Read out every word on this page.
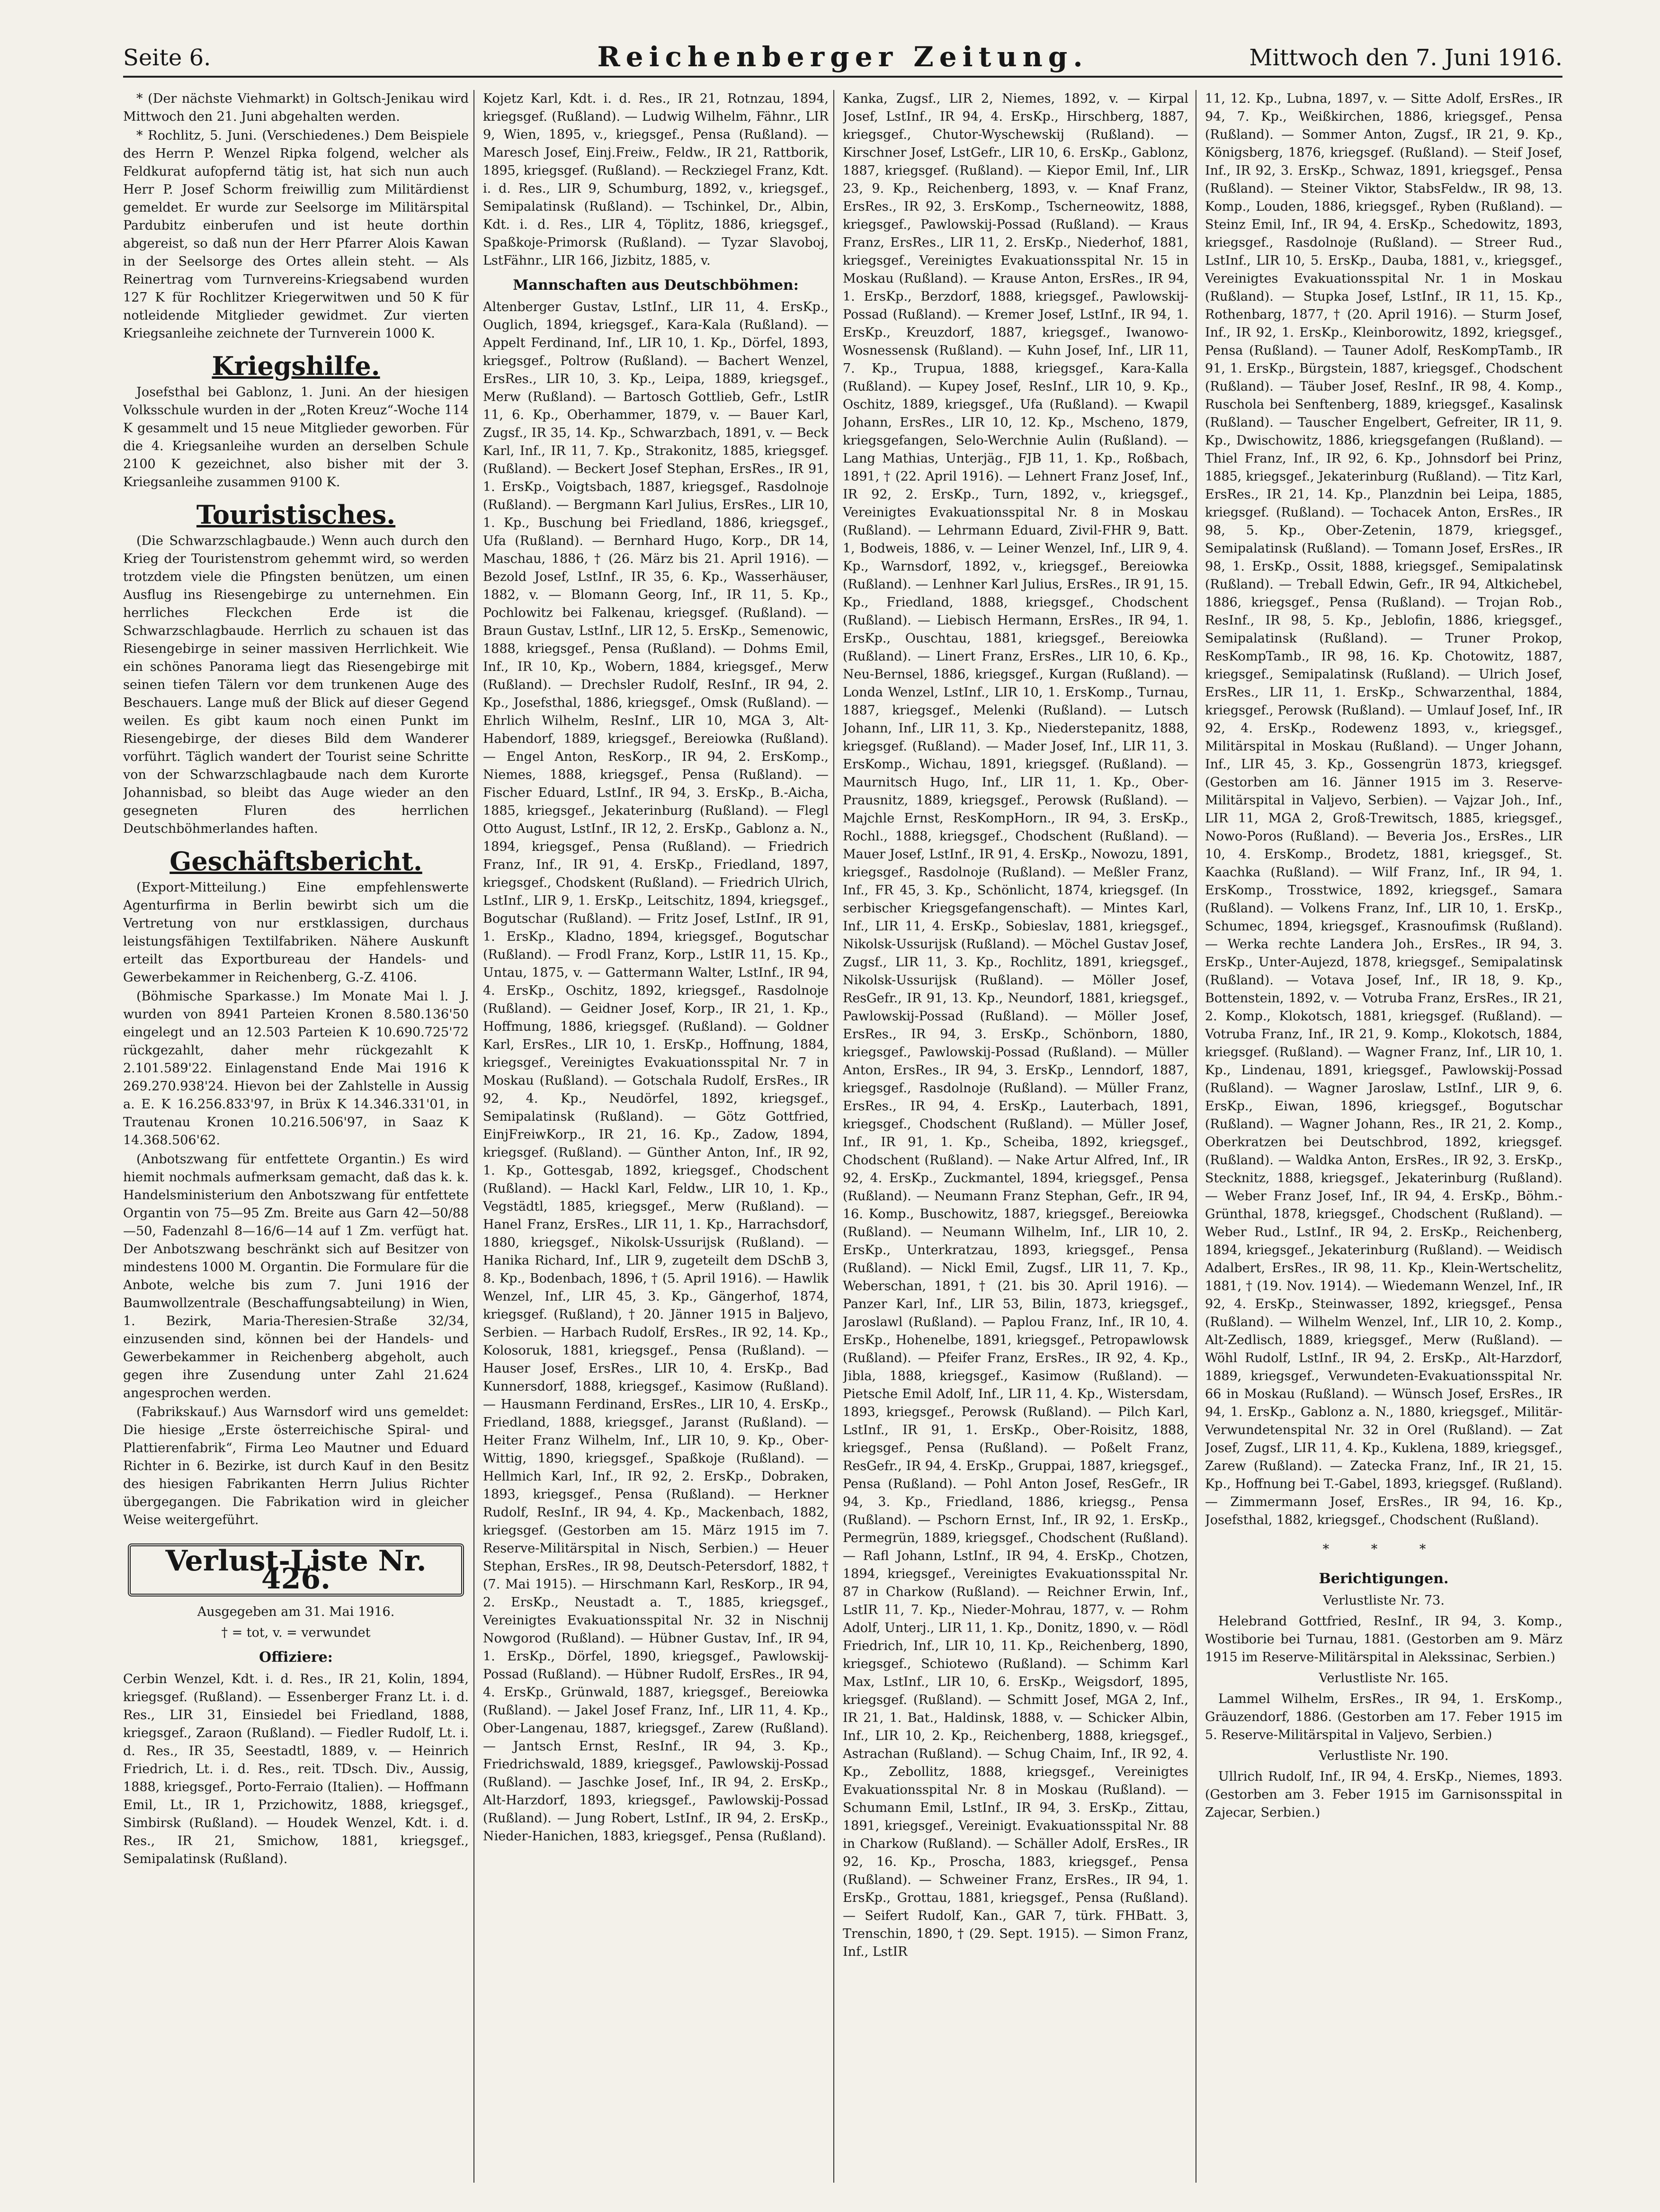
Seite 6.	Reichenberger Zeitung.	Mittwoch den 7. Juni 1916.

* (Der nächste Viehmarkt) in Goltsch-Jenikau wird Mittwoch den 21. Juni abgehalten werden.

* Rochlitz, 5. Juni. (Verschiedenes.) Dem Beispiele des Herrn P. Wenzel Ripka folgend, welcher als Feldkurat aufopfernd tätig ist, hat sich nun auch Herr P. Josef Schorm freiwillig zum Militärdienst gemeldet. Er wurde zur Seelsorge im Militärspital Pardubitz einberufen und ist heute dorthin abgereist, so daß nun der Herr Pfarrer Alois Kawan in der Seelsorge des Ortes allein steht. — Als Reinertrag vom Turnvereins-Kriegsabend wurden 127 K für Rochlitzer Kriegerwitwen und 50 K für notleidende Mitglieder gewidmet. Zur vierten Kriegsanleihe zeichnete der Turnverein 1000 K.

Kriegshilfe.

Josefsthal bei Gablonz, 1. Juni. An der hiesigen Volksschule wurden in der „Roten Kreuz“-Woche 114 K gesammelt und 15 neue Mitglieder geworben. Für die 4. Kriegsanleihe wurden an derselben Schule 2100 K gezeichnet, also bisher mit der 3. Kriegsanleihe zusammen 9100 K.

Touristisches.

(Die Schwarzschlagbaude.) Wenn auch durch den Krieg der Touristenstrom gehemmt wird, so werden trotzdem viele die Pfingsten benützen, um einen Ausflug ins Riesengebirge zu unternehmen. Ein herrliches Fleckchen Erde ist die Schwarzschlagbaude. Herrlich zu schauen ist das Riesengebirge in seiner massiven Herrlichkeit. Wie ein schönes Panorama liegt das Riesengebirge mit seinen tiefen Tälern vor dem trunkenen Auge des Beschauers. Lange muß der Blick auf dieser Gegend weilen. Es gibt kaum noch einen Punkt im Riesengebirge, der dieses Bild dem Wanderer vorführt. Täglich wandert der Tourist seine Schritte von der Schwarzschlagbaude nach dem Kurorte Johannisbad, so bleibt das Auge wieder an den gesegneten Fluren des herrlichen Deutschböhmerlandes haften.

Geschäftsbericht.

(Export-Mitteilung.) Eine empfehlenswerte Agenturfirma in Berlin bewirbt sich um die Vertretung von nur erstklassigen, durchaus leistungsfähigen Textilfabriken. Nähere Auskunft erteilt das Exportbureau der Handels- und Gewerbekammer in Reichenberg, G.-Z. 4106.

(Böhmische Sparkasse.) Im Monate Mai l. J. wurden von 8941 Parteien Kronen 8.580.136'50 eingelegt und an 12.503 Parteien K 10.690.725'72 rückgezahlt, daher mehr rückgezahlt K 2.101.589'22. Einlagenstand Ende Mai 1916 K 269.270.938'24. Hievon bei der Zahlstelle in Aussig a. E. K 16.256.833'97, in Brüx K 14.346.331'01, in Trautenau Kronen 10.216.506'97, in Saaz K 14.368.506'62.

(Anbotszwang für entfettete Organtin.) Es wird hiemit nochmals aufmerksam gemacht, daß das k. k. Handelsministerium den Anbotszwang für entfettete Organtin von 75—95 Zm. Breite aus Garn 42—50/88—50, Fadenzahl 8—16/6—14 auf 1 Zm. verfügt hat. Der Anbotszwang beschränkt sich auf Besitzer von mindestens 1000 M. Organtin. Die Formulare für die Anbote, welche bis zum 7. Juni 1916 der Baumwollzentrale (Beschaffungsabteilung) in Wien, 1. Bezirk, Maria-Theresien-Straße 32/34, einzusenden sind, können bei der Handels- und Gewerbekammer in Reichenberg abgeholt, auch gegen ihre Zusendung unter Zahl 21.624 angesprochen werden.

(Fabrikskauf.) Aus Warnsdorf wird uns gemeldet: Die hiesige „Erste österreichische Spiral- und Plattierenfabrik“, Firma Leo Mautner und Eduard Richter in 6. Bezirke, ist durch Kauf in den Besitz des hiesigen Fabrikanten Herrn Julius Richter übergegangen. Die Fabrikation wird in gleicher Weise weitergeführt.

Verlust-Liste Nr. 426.
Ausgegeben am 31. Mai 1916.
† = tot, v. = verwundet
Offiziere:

Cerbin Wenzel, Kdt. i. d. Res., IR 21, Kolin, 1894, kriegsgef. (Rußland). — Essenberger Franz Lt. i. d. Res., LIR 31, Einsiedel bei Friedland, 1888, kriegsgef., Zaraon (Rußland). — Fiedler Rudolf, Lt. i. d. Res., IR 35, Seestadtl, 1889, v. — Heinrich Friedrich, Lt. i. d. Res., reit. TDsch. Div., Aussig, 1888, kriegsgef., Porto-Ferraio (Italien). — Hoffmann Emil, Lt., IR 1, Przichowitz, 1888, kriegsgef., Simbirsk (Rußland). — Houdek Wenzel, Kdt. i. d. Res., IR 21, Smichow, 1881, kriegsgef., Semipalatinsk (Rußland).

Kojetz Karl, Kdt. i. d. Res., IR 21, Rotnzau, 1894, kriegsgef. (Rußland). — Ludwig Wilhelm, Fähnr., LIR 9, Wien, 1895, v., kriegsgef., Pensa (Rußland). — Maresch Josef, Einj.Freiw., Feldw., IR 21, Rattborik, 1895, kriegsgef. (Rußland). — Reckziegel Franz, Kdt. i. d. Res., LIR 9, Schumburg, 1892, v., kriegsgef., Semipalatinsk (Rußland). — Tschinkel, Dr., Albin, Kdt. i. d. Res., LIR 4, Töplitz, 1886, kriegsgef., Spaßkoje-Primorsk (Rußland). — Tyzar Slavoboj, LstFähnr., LIR 166, Jizbitz, 1885, v.

Mannschaften aus Deutschböhmen:

Altenberger Gustav, LstInf., LIR 11, 4. ErsKp., Ouglich, 1894, kriegsgef., Kara-Kala (Rußland). — Appelt Ferdinand, Inf., LIR 10, 1. Kp., Dörfel, 1893, kriegsgef., Poltrow (Rußland). — Bachert Wenzel, ErsRes., LIR 10, 3. Kp., Leipa, 1889, kriegsgef., Merw (Rußland). — Bartosch Gottlieb, Gefr., LstIR 11, 6. Kp., Oberhammer, 1879, v. — Bauer Karl, Zugsf., IR 35, 14. Kp., Schwarzbach, 1891, v. — Beck Karl, Inf., IR 11, 7. Kp., Strakonitz, 1885, kriegsgef. (Rußland). — Beckert Josef Stephan, ErsRes., IR 91, 1. ErsKp., Voigtsbach, 1887, kriegsgef., Rasdolnoje (Rußland). — Bergmann Karl Julius, ErsRes., LIR 10, 1. Kp., Buschung bei Friedland, 1886, kriegsgef., Ufa (Rußland). — Bernhard Hugo, Korp., DR 14, Maschau, 1886, † (26. März bis 21. April 1916). — Bezold Josef, LstInf., IR 35, 6. Kp., Wasserhäuser, 1882, v. — Blomann Georg, Inf., IR 11, 5. Kp., Pochlowitz bei Falkenau, kriegsgef. (Rußland). — Braun Gustav, LstInf., LIR 12, 5. ErsKp., Semenowic, 1888, kriegsgef., Pensa (Rußland). — Dohms Emil, Inf., IR 10, Kp., Wobern, 1884, kriegsgef., Merw (Rußland). — Drechsler Rudolf, ResInf., IR 94, 2. Kp., Josefsthal, 1886, kriegsgef., Omsk (Rußland). — Ehrlich Wilhelm, ResInf., LIR 10, MGA 3, Alt-Habendorf, 1889, kriegsgef., Bereiowka (Rußland). — Engel Anton, ResKorp., IR 94, 2. ErsKomp., Niemes, 1888, kriegsgef., Pensa (Rußland). — Fischer Eduard, LstInf., IR 94, 3. ErsKp., B.-Aicha, 1885, kriegsgef., Jekaterinburg (Rußland). — Flegl Otto August, LstInf., IR 12, 2. ErsKp., Gablonz a. N., 1894, kriegsgef., Pensa (Rußland). — Friedrich Franz, Inf., IR 91, 4. ErsKp., Friedland, 1897, kriegsgef., Chodskent (Rußland). — Friedrich Ulrich, LstInf., LIR 9, 1. ErsKp., Leitschitz, 1894, kriegsgef., Bogutschar (Rußland). — Fritz Josef, LstInf., IR 91, 1. ErsKp., Kladno, 1894, kriegsgef., Bogutschar (Rußland). — Frodl Franz, Korp., LstIR 11, 15. Kp., Untau, 1875, v. — Gattermann Walter, LstInf., IR 94, 4. ErsKp., Oschitz, 1892, kriegsgef., Rasdolnoje (Rußland). — Geidner Josef, Korp., IR 21, 1. Kp., Hoffmung, 1886, kriegsgef. (Rußland). — Goldner Karl, ErsRes., LIR 10, 1. ErsKp., Hoffnung, 1884, kriegsgef., Vereinigtes Evakuationsspital Nr. 7 in Moskau (Rußland). — Gotschala Rudolf, ErsRes., IR 92, 4. Kp., Neudörfel, 1892, kriegsgef., Semipalatinsk (Rußland). — Götz Gottfried, EinjFreiwKorp., IR 21, 16. Kp., Zadow, 1894, kriegsgef. (Rußland). — Günther Anton, Inf., IR 92, 1. Kp., Gottesgab, 1892, kriegsgef., Chodschent (Rußland). — Hackl Karl, Feldw., LIR 10, 1. Kp., Vegstädtl, 1885, kriegsgef., Merw (Rußland). — Hanel Franz, ErsRes., LIR 11, 1. Kp., Harrachsdorf, 1880, kriegsgef., Nikolsk-Ussurijsk (Rußland). — Hanika Richard, Inf., LIR 9, zugeteilt dem DSchB 3, 8. Kp., Bodenbach, 1896, † (5. April 1916). — Hawlik Wenzel, Inf., LIR 45, 3. Kp., Gängerhof, 1874, kriegsgef. (Rußland), † 20. Jänner 1915 in Baljevo, Serbien. — Harbach Rudolf, ErsRes., IR 92, 14. Kp., Kolosoruk, 1881, kriegsgef., Pensa (Rußland). — Hauser Josef, ErsRes., LIR 10, 4. ErsKp., Bad Kunnersdorf, 1888, kriegsgef., Kasimow (Rußland). — Hausmann Ferdinand, ErsRes., LIR 10, 4. ErsKp., Friedland, 1888, kriegsgef., Jaranst (Rußland). — Heiter Franz Wilhelm, Inf., LIR 10, 9. Kp., Ober-Wittig, 1890, kriegsgef., Spaßkoje (Rußland). — Hellmich Karl, Inf., IR 92, 2. ErsKp., Dobraken, 1893, kriegsgef., Pensa (Rußland). — Herkner Rudolf, ResInf., IR 94, 4. Kp., Mackenbach, 1882, kriegsgef. (Gestorben am 15. März 1915 im 7. Reserve-Militärspital in Nisch, Serbien.) — Heuer Stephan, ErsRes., IR 98, Deutsch-Petersdorf, 1882, † (7. Mai 1915). — Hirschmann Karl, ResKorp., IR 94, 2. ErsKp., Neustadt a. T., 1885, kriegsgef., Vereinigtes Evakuationsspital Nr. 32 in Nischnij Nowgorod (Rußland). — Hübner Gustav, Inf., IR 94, 1. ErsKp., Dörfel, 1890, kriegsgef., Pawlowskij-Possad (Rußland). — Hübner Rudolf, ErsRes., IR 94, 4. ErsKp., Grünwald, 1887, kriegsgef., Bereiowka (Rußland). — Jakel Josef Franz, Inf., LIR 11, 4. Kp., Ober-Langenau, 1887, kriegsgef., Zarew (Rußland). — Jantsch Ernst, ResInf., IR 94, 3. Kp., Friedrichswald, 1889, kriegsgef., Pawlowskij-Possad (Rußland). — Jaschke Josef, Inf., IR 94, 2. ErsKp., Alt-Harzdorf, 1893, kriegsgef., Pawlowskij-Possad (Rußland). — Jung Robert, LstInf., IR 94, 2. ErsKp., Nieder-Hanichen, 1883, kriegsgef., Pensa (Rußland).

Kanka, Zugsf., LIR 2, Niemes, 1892, v. — Kirpal Josef, LstInf., IR 94, 4. ErsKp., Hirschberg, 1887, kriegsgef., Chutor-Wyschewskij (Rußland). — Kirschner Josef, LstGefr., LIR 10, 6. ErsKp., Gablonz, 1887, kriegsgef. (Rußland). — Kiepor Emil, Inf., LIR 23, 9. Kp., Reichenberg, 1893, v. — Knaf Franz, ErsRes., IR 92, 3. ErsKomp., Tscherneowitz, 1888, kriegsgef., Pawlowskij-Possad (Rußland). — Kraus Franz, ErsRes., LIR 11, 2. ErsKp., Niederhof, 1881, kriegsgef., Vereinigtes Evakuationsspital Nr. 15 in Moskau (Rußland). — Krause Anton, ErsRes., IR 94, 1. ErsKp., Berzdorf, 1888, kriegsgef., Pawlowskij-Possad (Rußland). — Kremer Josef, LstInf., IR 94, 1. ErsKp., Kreuzdorf, 1887, kriegsgef., Iwanowo-Wosnessensk (Rußland). — Kuhn Josef, Inf., LIR 11, 7. Kp., Trupua, 1888, kriegsgef., Kara-Kalla (Rußland). — Kupey Josef, ResInf., LIR 10, 9. Kp., Oschitz, 1889, kriegsgef., Ufa (Rußland). — Kwapil Johann, ErsRes., LIR 10, 12. Kp., Mscheno, 1879, kriegsgefangen, Selo-Werchnie Aulin (Rußland). — Lang Mathias, Unterjäg., FJB 11, 1. Kp., Roßbach, 1891, † (22. April 1916). — Lehnert Franz Josef, Inf., IR 92, 2. ErsKp., Turn, 1892, v., kriegsgef., Vereinigtes Evakuationsspital Nr. 8 in Moskau (Rußland). — Lehrmann Eduard, Zivil-FHR 9, Batt. 1, Bodweis, 1886, v. — Leiner Wenzel, Inf., LIR 9, 4. Kp., Warnsdorf, 1892, v., kriegsgef., Bereiowka (Rußland). — Lenhner Karl Julius, ErsRes., IR 91, 15. Kp., Friedland, 1888, kriegsgef., Chodschent (Rußland). — Liebisch Hermann, ErsRes., IR 94, 1. ErsKp., Ouschtau, 1881, kriegsgef., Bereiowka (Rußland). — Linert Franz, ErsRes., LIR 10, 6. Kp., Neu-Bernsel, 1886, kriegsgef., Kurgan (Rußland). — Londa Wenzel, LstInf., LIR 10, 1. ErsKomp., Turnau, 1887, kriegsgef., Melenki (Rußland). — Lutsch Johann, Inf., LIR 11, 3. Kp., Niederstepanitz, 1888, kriegsgef. (Rußland). — Mader Josef, Inf., LIR 11, 3. ErsKomp., Wichau, 1891, kriegsgef. (Rußland). — Maurnitsch Hugo, Inf., LIR 11, 1. Kp., Ober-Prausnitz, 1889, kriegsgef., Perowsk (Rußland). — Majchle Ernst, ResKompHorn., IR 94, 3. ErsKp., Rochl., 1888, kriegsgef., Chodschent (Rußland). — Mauer Josef, LstInf., IR 91, 4. ErsKp., Nowozu, 1891, kriegsgef., Rasdolnoje (Rußland). — Meßler Franz, Inf., FR 45, 3. Kp., Schönlicht, 1874, kriegsgef. (In serbischer Kriegsgefangenschaft). — Mintes Karl, Inf., LIR 11, 4. ErsKp., Sobieslav, 1881, kriegsgef., Nikolsk-Ussurijsk (Rußland). — Möchel Gustav Josef, Zugsf., LIR 11, 3. Kp., Rochlitz, 1891, kriegsgef., Nikolsk-Ussurijsk (Rußland). — Möller Josef, ResGefr., IR 91, 13. Kp., Neundorf, 1881, kriegsgef., Pawlowskij-Possad (Rußland). — Möller Josef, ErsRes., IR 94, 3. ErsKp., Schönborn, 1880, kriegsgef., Pawlowskij-Possad (Rußland). — Müller Anton, ErsRes., IR 94, 3. ErsKp., Lenndorf, 1887, kriegsgef., Rasdolnoje (Rußland). — Müller Franz, ErsRes., IR 94, 4. ErsKp., Lauterbach, 1891, kriegsgef., Chodschent (Rußland). — Müller Josef, Inf., IR 91, 1. Kp., Scheiba, 1892, kriegsgef., Chodschent (Rußland). — Nake Artur Alfred, Inf., IR 92, 4. ErsKp., Zuckmantel, 1894, kriegsgef., Pensa (Rußland). — Neumann Franz Stephan, Gefr., IR 94, 16. Komp., Buschowitz, 1887, kriegsgef., Bereiowka (Rußland). — Neumann Wilhelm, Inf., LIR 10, 2. ErsKp., Unterkratzau, 1893, kriegsgef., Pensa (Rußland). — Nickl Emil, Zugsf., LIR 11, 7. Kp., Weberschan, 1891, † (21. bis 30. April 1916). — Panzer Karl, Inf., LIR 53, Bilin, 1873, kriegsgef., Jaroslawl (Rußland). — Paplou Franz, Inf., IR 10, 4. ErsKp., Hohenelbe, 1891, kriegsgef., Petropawlowsk (Rußland). — Pfeifer Franz, ErsRes., IR 92, 4. Kp., Jibla, 1888, kriegsgef., Kasimow (Rußland). — Pietsche Emil Adolf, Inf., LIR 11, 4. Kp., Wistersdam, 1893, kriegsgef., Perowsk (Rußland). — Pilch Karl, LstInf., IR 91, 1. ErsKp., Ober-Roisitz, 1888, kriegsgef., Pensa (Rußland). — Poßelt Franz, ResGefr., IR 94, 4. ErsKp., Gruppai, 1887, kriegsgef., Pensa (Rußland). — Pohl Anton Josef, ResGefr., IR 94, 3. Kp., Friedland, 1886, kriegsg., Pensa (Rußland). — Pschorn Ernst, Inf., IR 92, 1. ErsKp., Permegrün, 1889, kriegsgef., Chodschent (Rußland). — Rafl Johann, LstInf., IR 94, 4. ErsKp., Chotzen, 1894, kriegsgef., Vereinigtes Evakuationsspital Nr. 87 in Charkow (Rußland). — Reichner Erwin, Inf., LstIR 11, 7. Kp., Nieder-Mohrau, 1877, v. — Rohm Adolf, Unterj., LIR 11, 1. Kp., Donitz, 1890, v. — Rödl Friedrich, Inf., LIR 10, 11. Kp., Reichenberg, 1890, kriegsgef., Schiotewo (Rußland). — Schimm Karl Max, LstInf., LIR 10, 6. ErsKp., Weigsdorf, 1895, kriegsgef. (Rußland). — Schmitt Josef, MGA 2, Inf., IR 21, 1. Bat., Haldinsk, 1888, v. — Schicker Albin, Inf., LIR 10, 2. Kp., Reichenberg, 1888, kriegsgef., Astrachan (Rußland). — Schug Chaim, Inf., IR 92, 4. Kp., Zebollitz, 1888, kriegsgef., Vereinigtes Evakuationsspital Nr. 8 in Moskau (Rußland). — Schumann Emil, LstInf., IR 94, 3. ErsKp., Zittau, 1891, kriegsgef., Vereinigt. Evakuationsspital Nr. 88 in Charkow (Rußland). — Schäller Adolf, ErsRes., IR 92, 16. Kp., Proscha, 1883, kriegsgef., Pensa (Rußland). — Schweiner Franz, ErsRes., IR 94, 1. ErsKp., Grottau, 1881, kriegsgef., Pensa (Rußland). — Seifert Rudolf, Kan., GAR 7, türk. FHBatt. 3, Trenschin, 1890, † (29. Sept. 1915). — Simon Franz, Inf., LstIR

11, 12. Kp., Lubna, 1897, v. — Sitte Adolf, ErsRes., IR 94, 7. Kp., Weißkirchen, 1886, kriegsgef., Pensa (Rußland). — Sommer Anton, Zugsf., IR 21, 9. Kp., Königsberg, 1876, kriegsgef. (Rußland). — Steif Josef, Inf., IR 92, 3. ErsKp., Schwaz, 1891, kriegsgef., Pensa (Rußland). — Steiner Viktor, StabsFeldw., IR 98, 13. Komp., Louden, 1886, kriegsgef., Ryben (Rußland). — Steinz Emil, Inf., IR 94, 4. ErsKp., Schedowitz, 1893, kriegsgef., Rasdolnoje (Rußland). — Streer Rud., LstInf., LIR 10, 5. ErsKp., Dauba, 1881, v., kriegsgef., Vereinigtes Evakuationsspital Nr. 1 in Moskau (Rußland). — Stupka Josef, LstInf., IR 11, 15. Kp., Rothenbarg, 1877, † (20. April 1916). — Sturm Josef, Inf., IR 92, 1. ErsKp., Kleinborowitz, 1892, kriegsgef., Pensa (Rußland). — Tauner Adolf, ResKompTamb., IR 91, 1. ErsKp., Bürgstein, 1887, kriegsgef., Chodschent (Rußland). — Täuber Josef, ResInf., IR 98, 4. Komp., Ruschola bei Senftenberg, 1889, kriegsgef., Kasalinsk (Rußland). — Tauscher Engelbert, Gefreiter, IR 11, 9. Kp., Dwischowitz, 1886, kriegsgefangen (Rußland). — Thiel Franz, Inf., IR 92, 6. Kp., Johnsdorf bei Prinz, 1885, kriegsgef., Jekaterinburg (Rußland). — Titz Karl, ErsRes., IR 21, 14. Kp., Planzdnin bei Leipa, 1885, kriegsgef. (Rußland). — Tochacek Anton, ErsRes., IR 98, 5. Kp., Ober-Zetenin, 1879, kriegsgef., Semipalatinsk (Rußland). — Tomann Josef, ErsRes., IR 98, 1. ErsKp., Ossit, 1888, kriegsgef., Semipalatinsk (Rußland). — Treball Edwin, Gefr., IR 94, Altkichebel, 1886, kriegsgef., Pensa (Rußland). — Trojan Rob., ResInf., IR 98, 5. Kp., Jeblofin, 1886, kriegsgef., Semipalatinsk (Rußland). — Truner Prokop, ResKompTamb., IR 98, 16. Kp. Chotowitz, 1887, kriegsgef., Semipalatinsk (Rußland). — Ulrich Josef, ErsRes., LIR 11, 1. ErsKp., Schwarzenthal, 1884, kriegsgef., Perowsk (Rußland). — Umlauf Josef, Inf., IR 92, 4. ErsKp., Rodewenz 1893, v., kriegsgef., Militärspital in Moskau (Rußland). — Unger Johann, Inf., LIR 45, 3. Kp., Gossengrün 1873, kriegsgef. (Gestorben am 16. Jänner 1915 im 3. Reserve-Militärspital in Valjevo, Serbien). — Vajzar Joh., Inf., LIR 11, MGA 2, Groß-Trewitsch, 1885, kriegsgef., Nowo-Poros (Rußland). — Beveria Jos., ErsRes., LIR 10, 4. ErsKomp., Brodetz, 1881, kriegsgef., St. Kaachka (Rußland). — Wilf Franz, Inf., IR 94, 1. ErsKomp., Trosstwice, 1892, kriegsgef., Samara (Rußland). — Volkens Franz, Inf., LIR 10, 1. ErsKp., Schumec, 1894, kriegsgef., Krasnoufimsk (Rußland). — Werka rechte Landera Joh., ErsRes., IR 94, 3. ErsKp., Unter-Aujezd, 1878, kriegsgef., Semipalatinsk (Rußland). — Votava Josef, Inf., IR 18, 9. Kp., Bottenstein, 1892, v. — Votruba Franz, ErsRes., IR 21, 2. Komp., Klokotsch, 1881, kriegsgef. (Rußland). — Votruba Franz, Inf., IR 21, 9. Komp., Klokotsch, 1884, kriegsgef. (Rußland). — Wagner Franz, Inf., LIR 10, 1. Kp., Lindenau, 1891, kriegsgef., Pawlowskij-Possad (Rußland). — Wagner Jaroslaw, LstInf., LIR 9, 6. ErsKp., Eiwan, 1896, kriegsgef., Bogutschar (Rußland). — Wagner Johann, Res., IR 21, 2. Komp., Oberkratzen bei Deutschbrod, 1892, kriegsgef. (Rußland). — Waldka Anton, ErsRes., IR 92, 3. ErsKp., Stecknitz, 1888, kriegsgef., Jekaterinburg (Rußland). — Weber Franz Josef, Inf., IR 94, 4. ErsKp., Böhm.-Grünthal, 1878, kriegsgef., Chodschent (Rußland). — Weber Rud., LstInf., IR 94, 2. ErsKp., Reichenberg, 1894, kriegsgef., Jekaterinburg (Rußland). — Weidisch Adalbert, ErsRes., IR 98, 11. Kp., Klein-Wertschelitz, 1881, † (19. Nov. 1914). — Wiedemann Wenzel, Inf., IR 92, 4. ErsKp., Steinwasser, 1892, kriegsgef., Pensa (Rußland). — Wilhelm Wenzel, Inf., LIR 10, 2. Komp., Alt-Zedlisch, 1889, kriegsgef., Merw (Rußland). — Wöhl Rudolf, LstInf., IR 94, 2. ErsKp., Alt-Harzdorf, 1889, kriegsgef., Verwundeten-Evakuationsspital Nr. 66 in Moskau (Rußland). — Wünsch Josef, ErsRes., IR 94, 1. ErsKp., Gablonz a. N., 1880, kriegsgef., Militär-Verwundetenspital Nr. 32 in Orel (Rußland). — Zat Josef, Zugsf., LIR 11, 4. Kp., Kuklena, 1889, kriegsgef., Zarew (Rußland). — Zatecka Franz, Inf., IR 21, 15. Kp., Hoffnung bei T.-Gabel, 1893, kriegsgef. (Rußland). — Zimmermann Josef, ErsRes., IR 94, 16. Kp., Josefsthal, 1882, kriegsgef., Chodschent (Rußland).

* * *
Berichtigungen.
Verlustliste Nr. 73.

Helebrand Gottfried, ResInf., IR 94, 3. Komp., Wostiborie bei Turnau, 1881. (Gestorben am 9. März 1915 im Reserve-Militärspital in Alekssinac, Serbien.)

Verlustliste Nr. 165.

Lammel Wilhelm, ErsRes., IR 94, 1. ErsKomp., Gräuzendorf, 1886. (Gestorben am 17. Feber 1915 im 5. Reserve-Militärspital in Valjevo, Serbien.)

Verlustliste Nr. 190.

Ullrich Rudolf, Inf., IR 94, 4. ErsKp., Niemes, 1893. (Gestorben am 3. Feber 1915 im Garnisonsspital in Zajecar, Serbien.)
